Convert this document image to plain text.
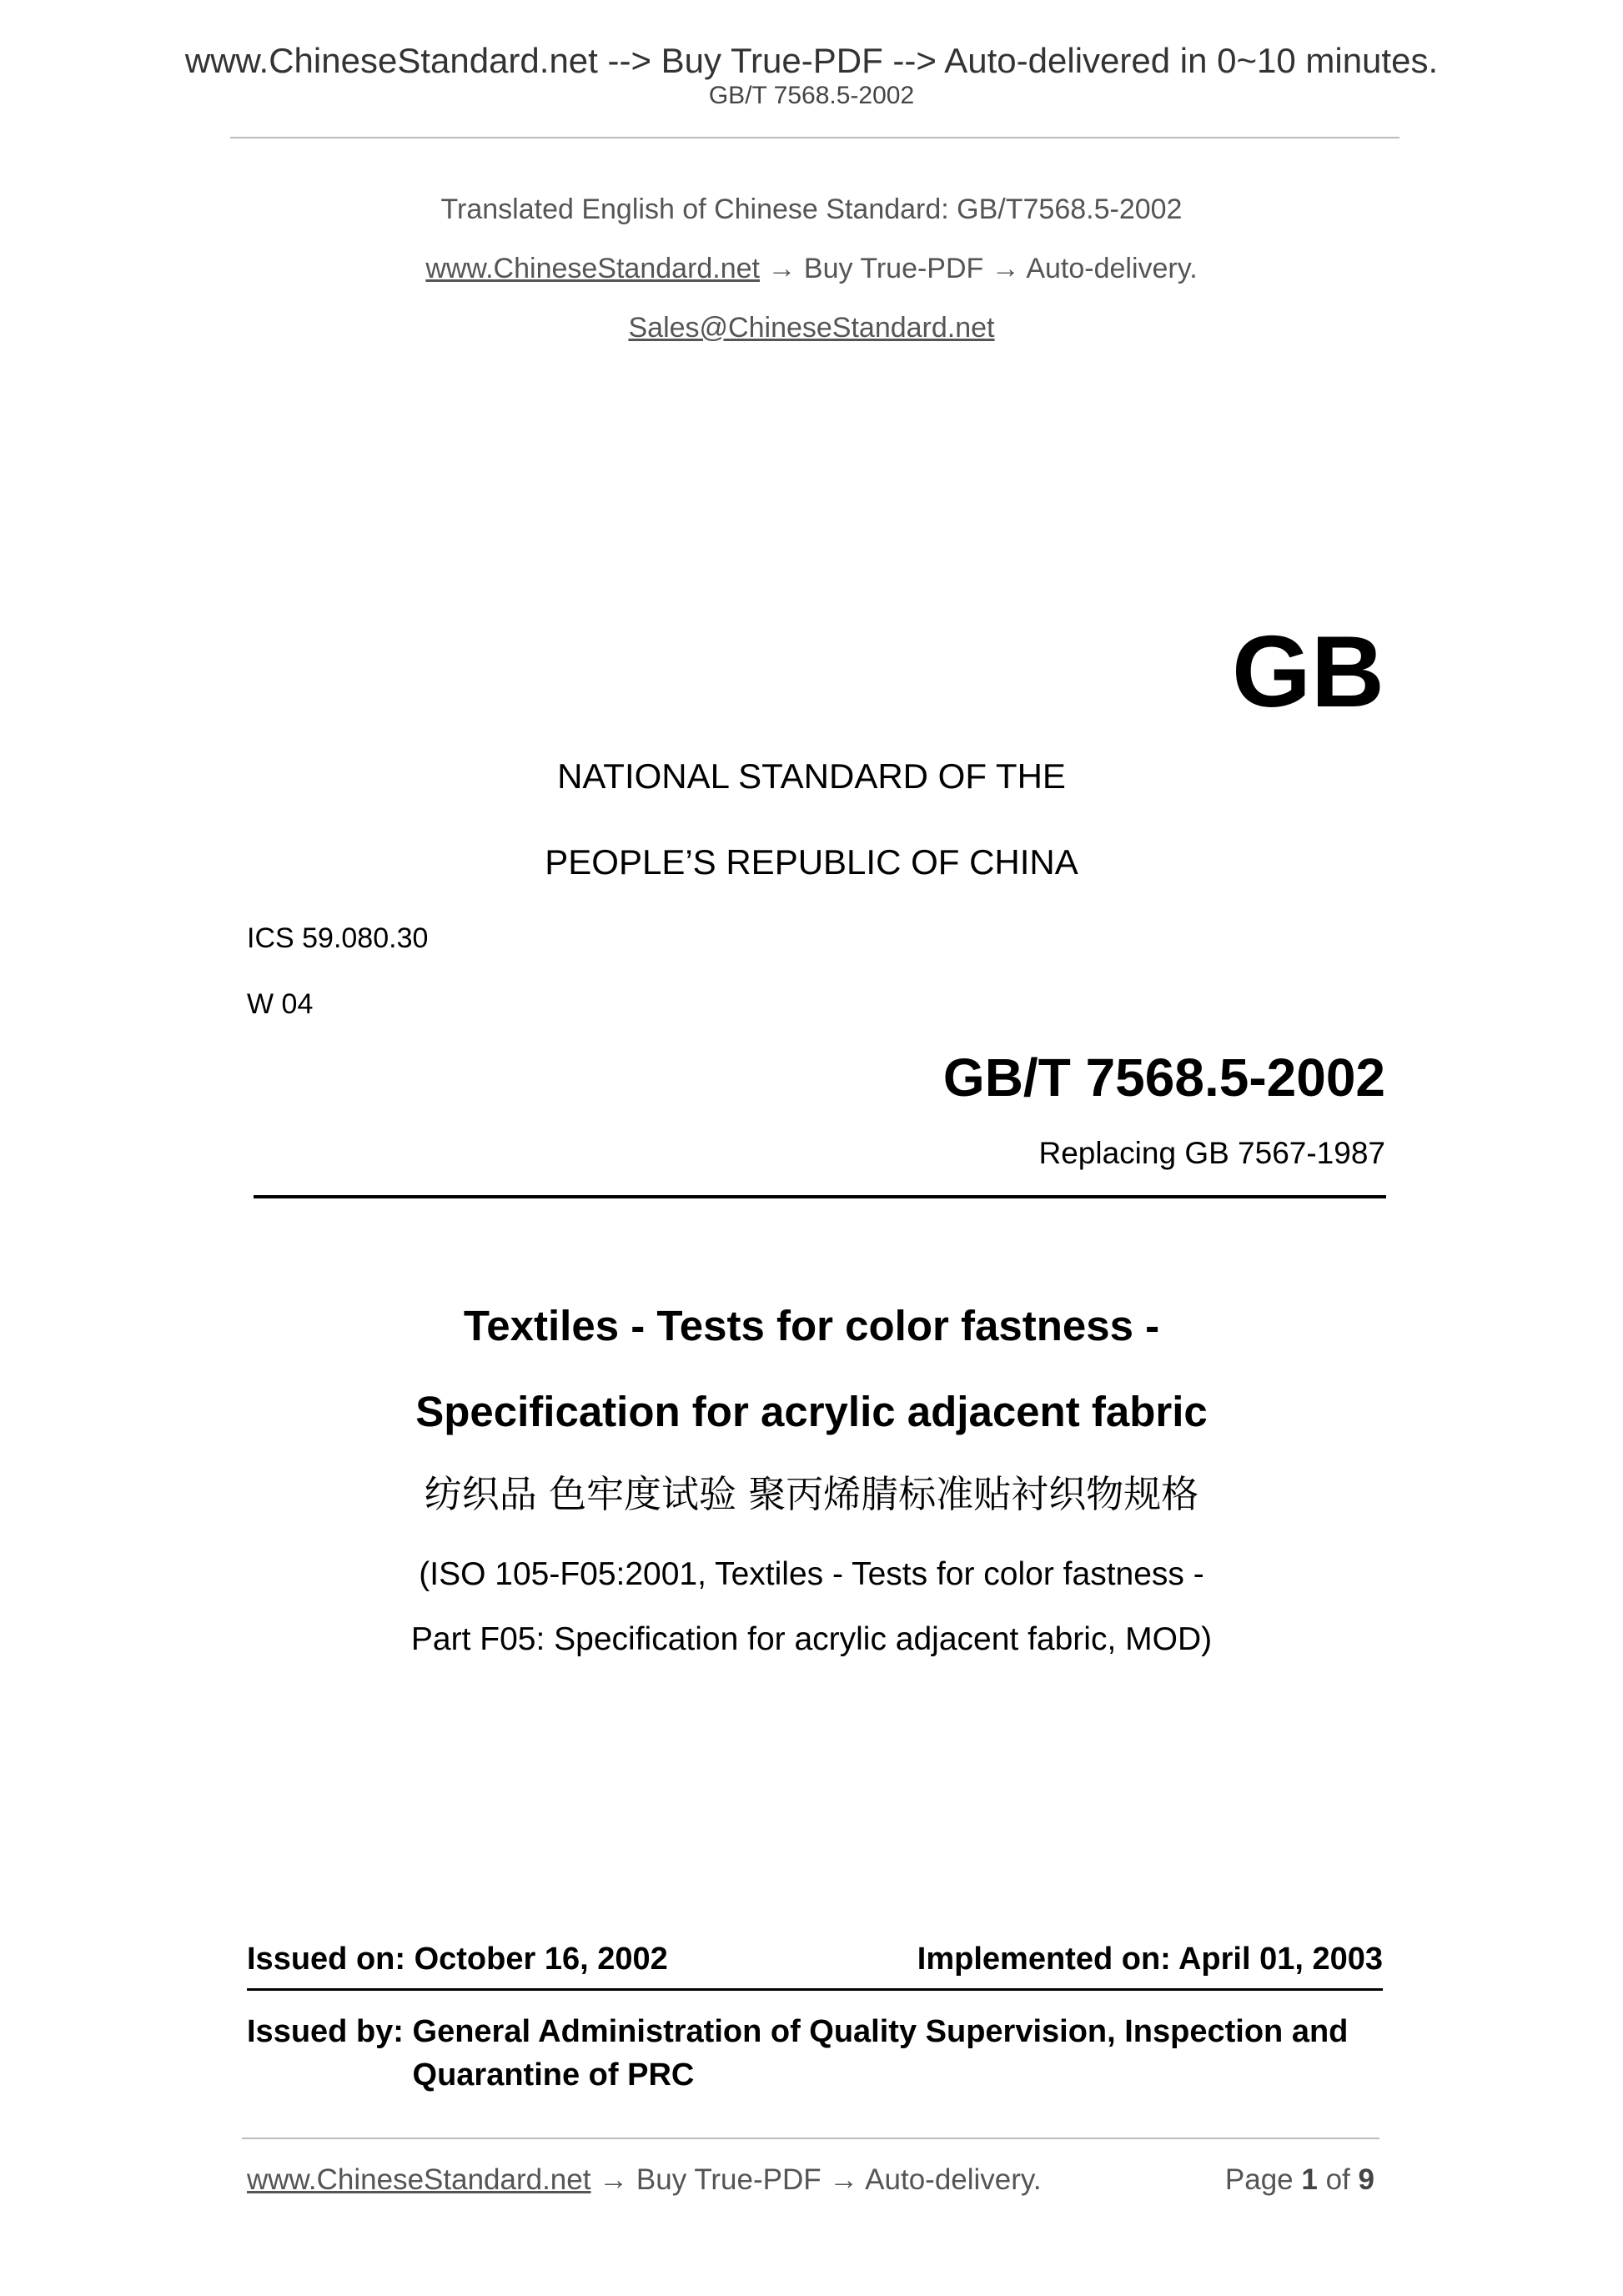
www.ChineseStandard.net --> Buy True-PDF --> Auto-delivered in 0~10 minutes.
GB/T 7568.5-2002
Translated English of Chinese Standard: GB/T7568.5-2002
www.ChineseStandard.net → Buy True-PDF → Auto-delivery.
Sales@ChineseStandard.net
GB
NATIONAL STANDARD OF THE
PEOPLE’S REPUBLIC OF CHINA
ICS 59.080.30
W 04
GB/T 7568.5-2002
Replacing GB 7567-1987
Textiles - Tests for color fastness -
Specification for acrylic adjacent fabric
纺织品 色牢度试验 聚丙烯腈标准贴衬织物规格
(ISO 105-F05:2001, Textiles - Tests for color fastness -
Part F05: Specification for acrylic adjacent fabric, MOD)
Issued on: October 16, 2002	Implemented on: April 01, 2003
Issued by: General Administration of Quality Supervision, Inspection and Quarantine of PRC
www.ChineseStandard.net → Buy True-PDF → Auto-delivery.	Page 1 of 9
